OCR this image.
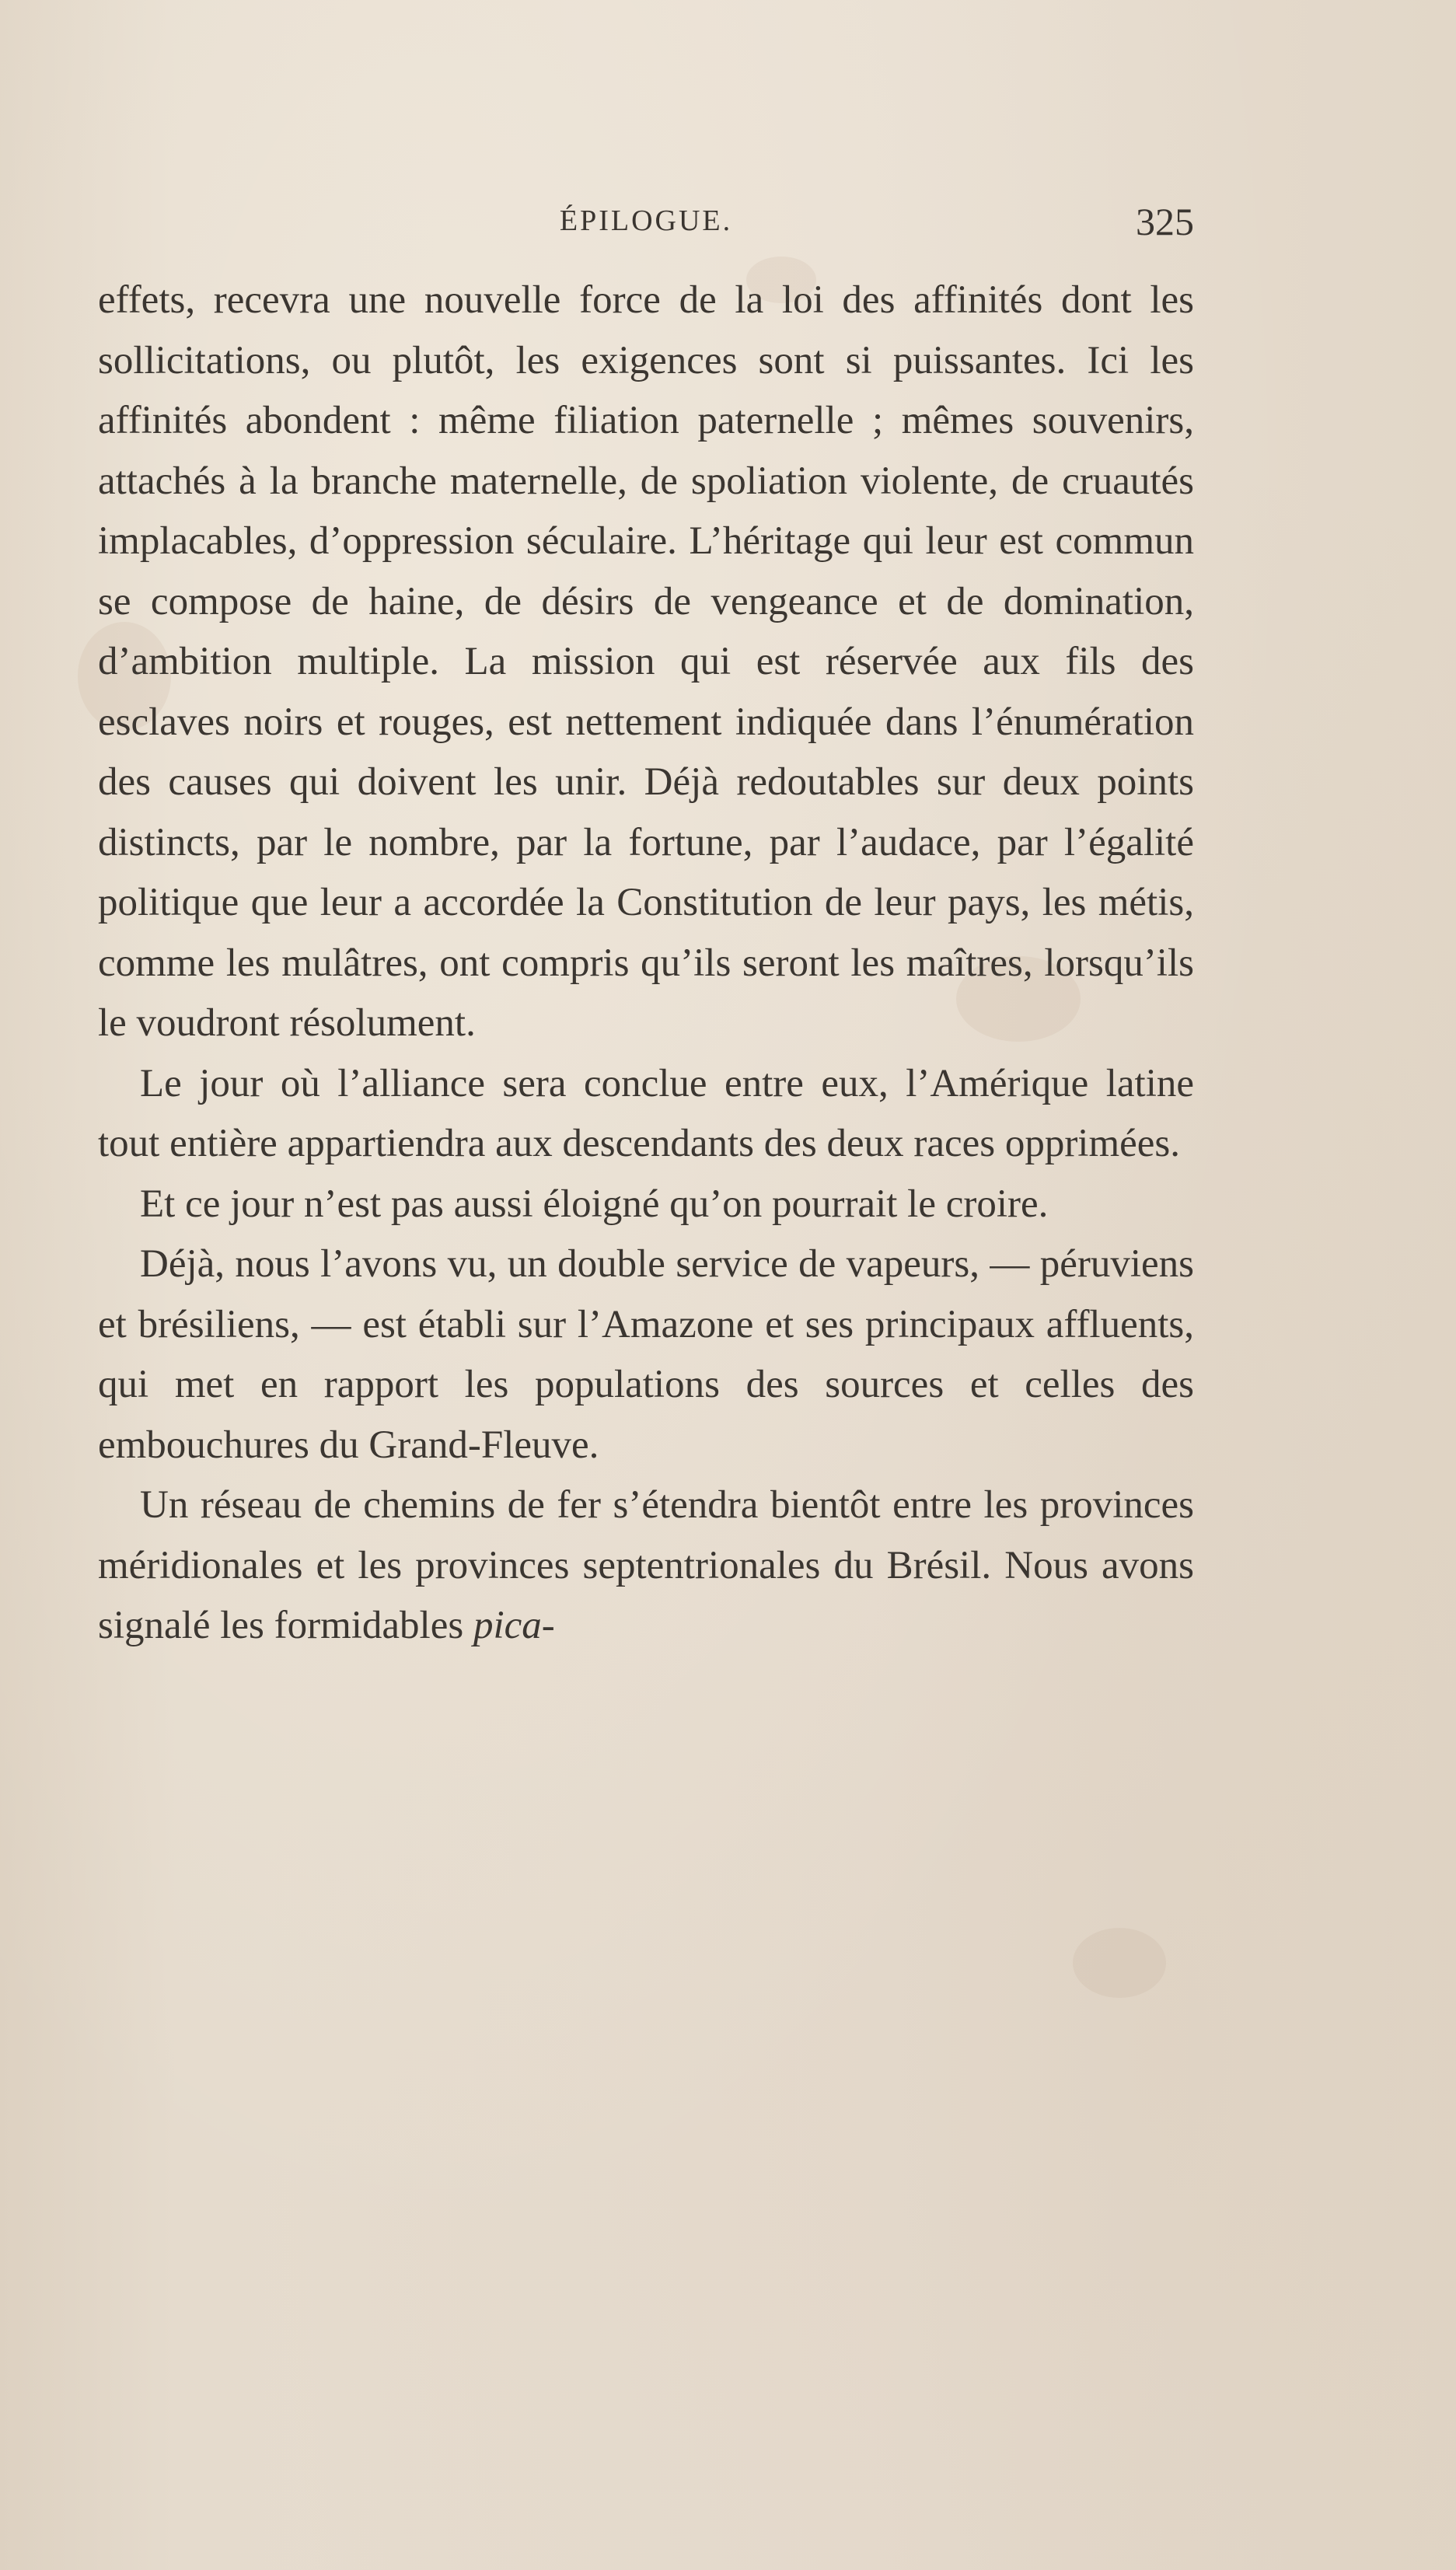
ÉPILOGUE.	325

effets, recevra une nouvelle force de la loi des affinités dont les sollicitations, ou plutôt, les exigences sont si puissantes. Ici les affinités abondent : même filiation paternelle ; mêmes souvenirs, attachés à la branche maternelle, de spoliation violente, de cruautés implacables, d’oppression séculaire. L’héritage qui leur est commun se compose de haine, de désirs de vengeance et de domination, d’ambition multiple. La mission qui est réservée aux fils des esclaves noirs et rouges, est nettement indiquée dans l’énumération des causes qui doivent les unir. Déjà redoutables sur deux points distincts, par le nombre, par la fortune, par l’audace, par l’égalité politique que leur a accordée la Constitution de leur pays, les métis, comme les mulâtres, ont compris qu’ils seront les maîtres, lorsqu’ils le voudront résolument.

Le jour où l’alliance sera conclue entre eux, l’Amérique latine tout entière appartiendra aux descendants des deux races opprimées.

Et ce jour n’est pas aussi éloigné qu’on pourrait le croire.

Déjà, nous l’avons vu, un double service de vapeurs, — péruviens et brésiliens, — est établi sur l’Amazone et ses principaux affluents, qui met en rapport les populations des sources et celles des embouchures du Grand-Fleuve.

Un réseau de chemins de fer s’étendra bientôt entre les provinces méridionales et les provinces septentrionales du Brésil. Nous avons signalé les formidables pica-
